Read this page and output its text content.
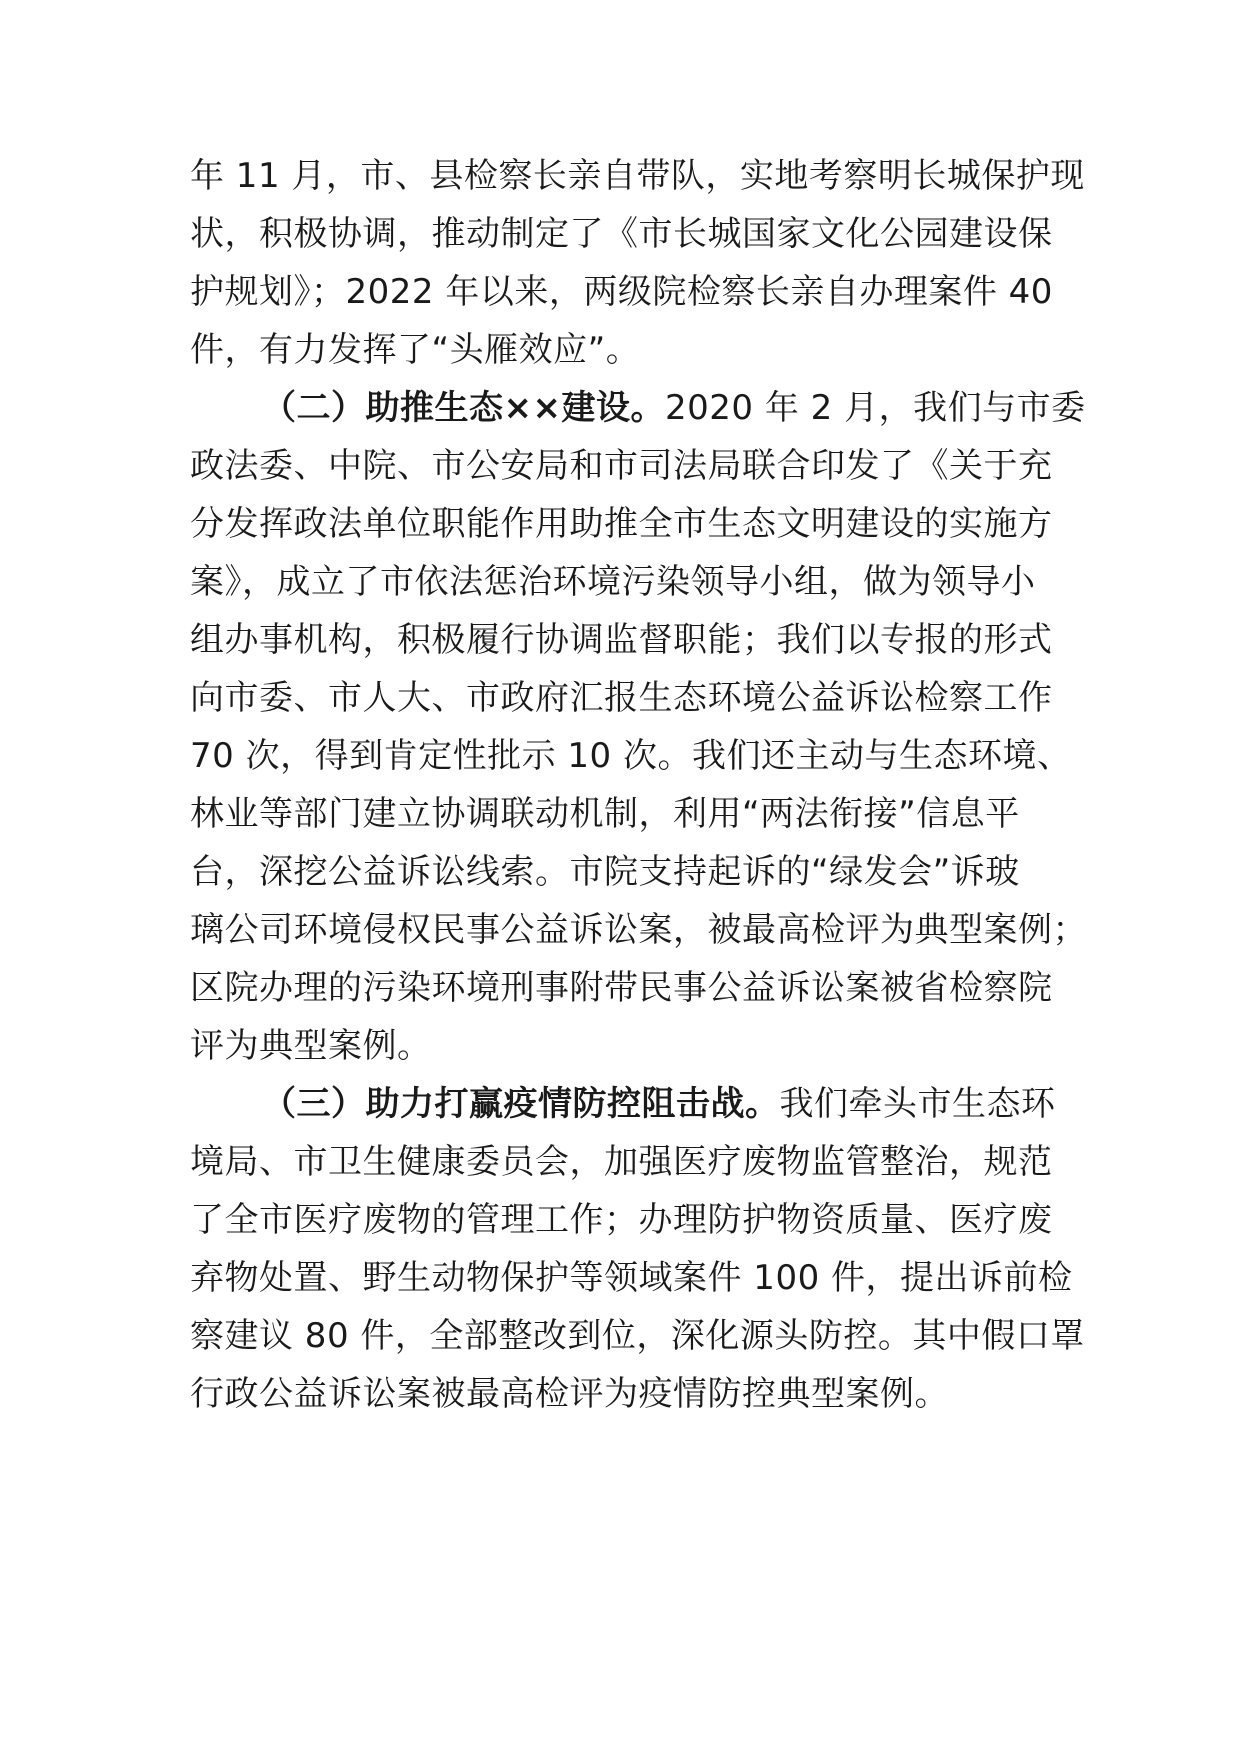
年 11 月，市、县检察长亲自带队，实地考察明长城保护现
状，积极协调，推动制定了《市长城国家文化公园建设保
护规划》；2022 年以来，两级院检察长亲自办理案件 40
件，有力发挥了“头雁效应”。
（二）助推生态××建设。2020 年 2 月，我们与市委
政法委、中院、市公安局和市司法局联合印发了《关于充
分发挥政法单位职能作用助推全市生态文明建设的实施方
案》，成立了市依法惩治环境污染领导小组，做为领导小
组办事机构，积极履行协调监督职能；我们以专报的形式
向市委、市人大、市政府汇报生态环境公益诉讼检察工作
70 次，得到肯定性批示 10 次。我们还主动与生态环境、
林业等部门建立协调联动机制，利用“两法衔接”信息平
台，深挖公益诉讼线索。市院支持起诉的“绿发会”诉玻
璃公司环境侵权民事公益诉讼案，被最高检评为典型案例；
区院办理的污染环境刑事附带民事公益诉讼案被省检察院
评为典型案例。
（三）助力打赢疫情防控阻击战。我们牵头市生态环
境局、市卫生健康委员会，加强医疗废物监管整治，规范
了全市医疗废物的管理工作；办理防护物资质量、医疗废
弃物处置、野生动物保护等领域案件 100 件，提出诉前检
察建议 80 件，全部整改到位，深化源头防控。其中假口罩
行政公益诉讼案被最高检评为疫情防控典型案例。
